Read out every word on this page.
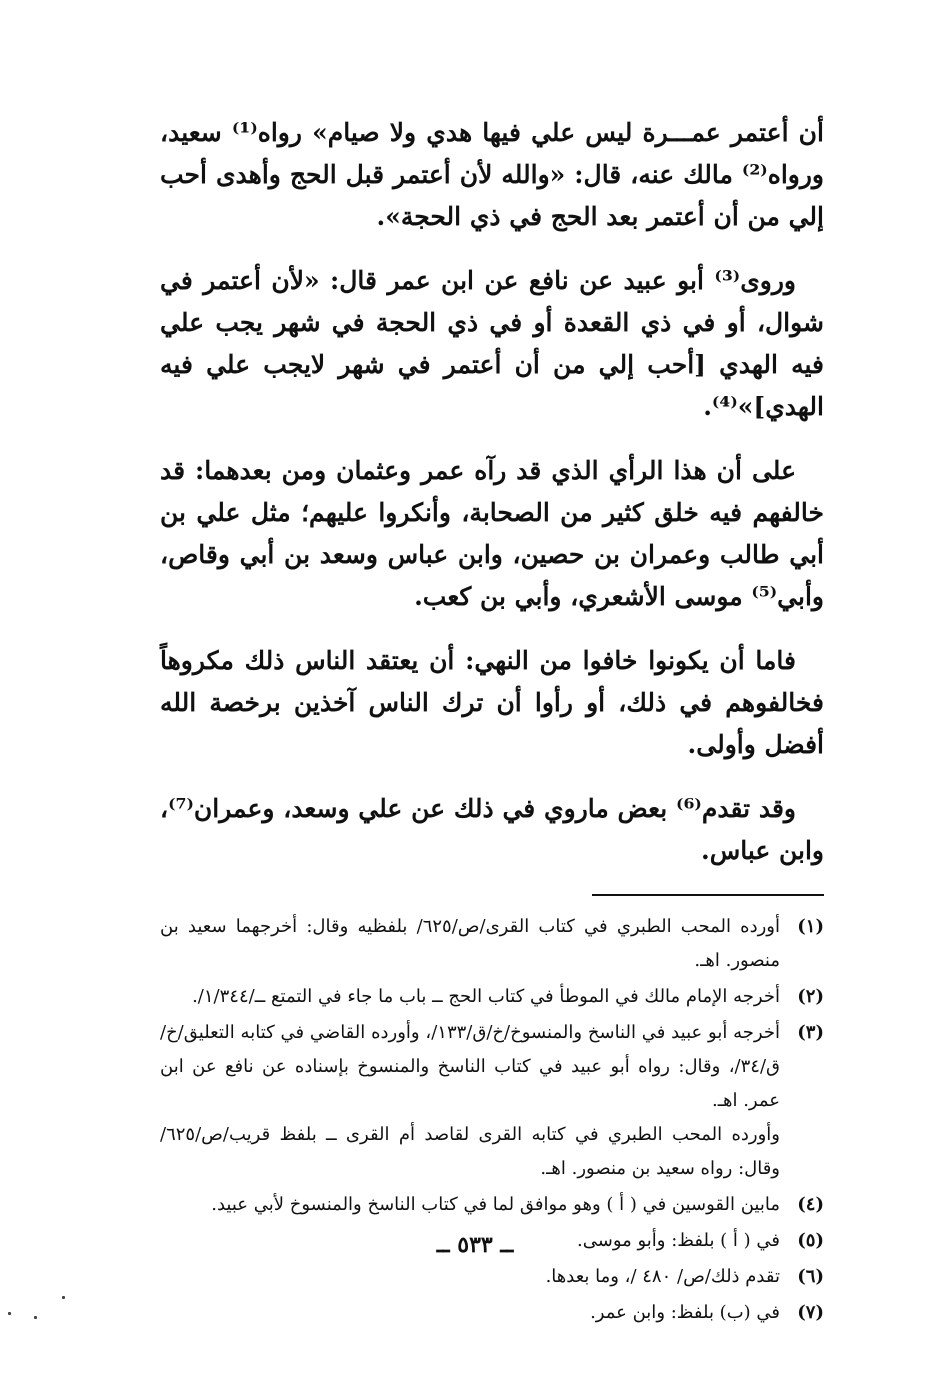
أن أعتمر عمـــرة ليس علي فيها هدي ولا صيام» رواه⁽¹⁾ سعيد، ورواه⁽²⁾ مالك عنه، قال: «والله لأن أعتمر قبل الحج وأهدى أحب إلي من أن أعتمر بعد الحج في ذي الحجة».

وروى⁽³⁾ أبو عبيد عن نافع عن ابن عمر قال: «لأن أعتمر في شوال، أو في ذي القعدة أو في ذي الحجة في شهر يجب علي فيه الهدي [أحب إلي من أن أعتمر في شهر لايجب علي فيه الهدي]»⁽⁴⁾.

على أن هذا الرأي الذي قد رآه عمر وعثمان ومن بعدهما: قد خالفهم فيه خلق كثير من الصحابة، وأنكروا عليهم؛ مثل علي بن أبي طالب وعمران بن حصين، وابن عباس وسعد بن أبي وقاص، وأبي⁽⁵⁾ موسى الأشعري، وأبي بن كعب.

فاما أن يكونوا خافوا من النهي: أن يعتقد الناس ذلك مكروهاً فخالفوهم في ذلك، أو رأوا أن ترك الناس آخذين برخصة الله أفضل وأولى.

وقد تقدم⁽⁶⁾ بعض ماروي في ذلك عن علي وسعد، وعمران⁽⁷⁾، وابن عباس.

(١)
أورده المحب الطبري في كتاب القرى/ص/٦٢٥/ بلفظيه وقال: أخرجهما سعيد بن منصور. اهـ.
(٢)
أخرجه الإمام مالك في الموطأ في كتاب الحج ــ باب ما جاء في التمتع ــ/١/٣٤٤/.
(٣)
أخرجه أبو عبيد في الناسخ والمنسوخ/خ/ق/١٣٣/، وأورده القاضي في كتابه التعليق/خ/ق/٣٤/، وقال: رواه أبو عبيد في كتاب الناسخ والمنسوخ بإسناده عن نافع عن ابن عمر. اهـ.
وأورده المحب الطبري في كتابه القرى لقاصد أم القرى ــ بلفظ قريب/ص/٦٢٥/ وقال: رواه سعيد بن منصور. اهـ.
(٤)
مابين القوسين في ( أ ) وهو موافق لما في كتاب الناسخ والمنسوخ لأبي عبيد.
(٥)
في ( أ ) بلفظ: وأبو موسى.
(٦)
تقدم ذلك/ص/ ٤٨٠ /، وما بعدها.
(٧)
في (ب) بلفظ: وابن عمر.
ــ ٥٣٣ ــ
